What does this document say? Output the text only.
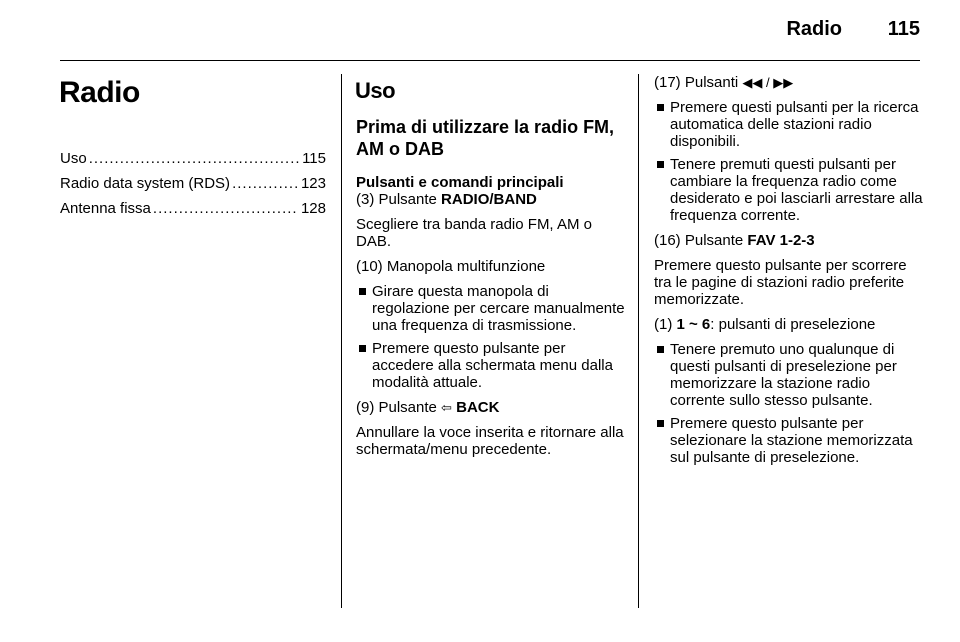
Radio 115
Radio
Uso .....	115
Radio data system (RDS) .....	123
Antenna fissa .....	128
Uso
Prima di utilizzare la radio FM, AM o DAB
Pulsanti e comandi principali

(3) Pulsante RADIO/BAND

Scegliere tra banda radio FM, AM o DAB.

(10) Manopola multifunzione

Girare questa manopola di regolazione per cercare manualmente una frequenza di trasmissione.
Premere questo pulsante per accedere alla schermata menu dalla modalità attuale.

(9) Pulsante ⇦ BACK

Annullare la voce inserita e ritornare alla schermata/menu precedente.

(17) Pulsanti ◀◀ / ▶▶

Premere questi pulsanti per la ricerca automatica delle stazioni radio disponibili.
Tenere premuti questi pulsanti per cambiare la frequenza radio come desiderato e poi lasciarli arrestare alla frequenza corrente.

(16) Pulsante FAV 1-2-3

Premere questo pulsante per scorrere tra le pagine di stazioni radio preferite memorizzate.

(1) 1 ~ 6: pulsanti di preselezione

Tenere premuto uno qualunque di questi pulsanti di preselezione per memorizzare la stazione radio corrente sullo stesso pulsante.
Premere questo pulsante per selezionare la stazione memorizzata sul pulsante di preselezione.
